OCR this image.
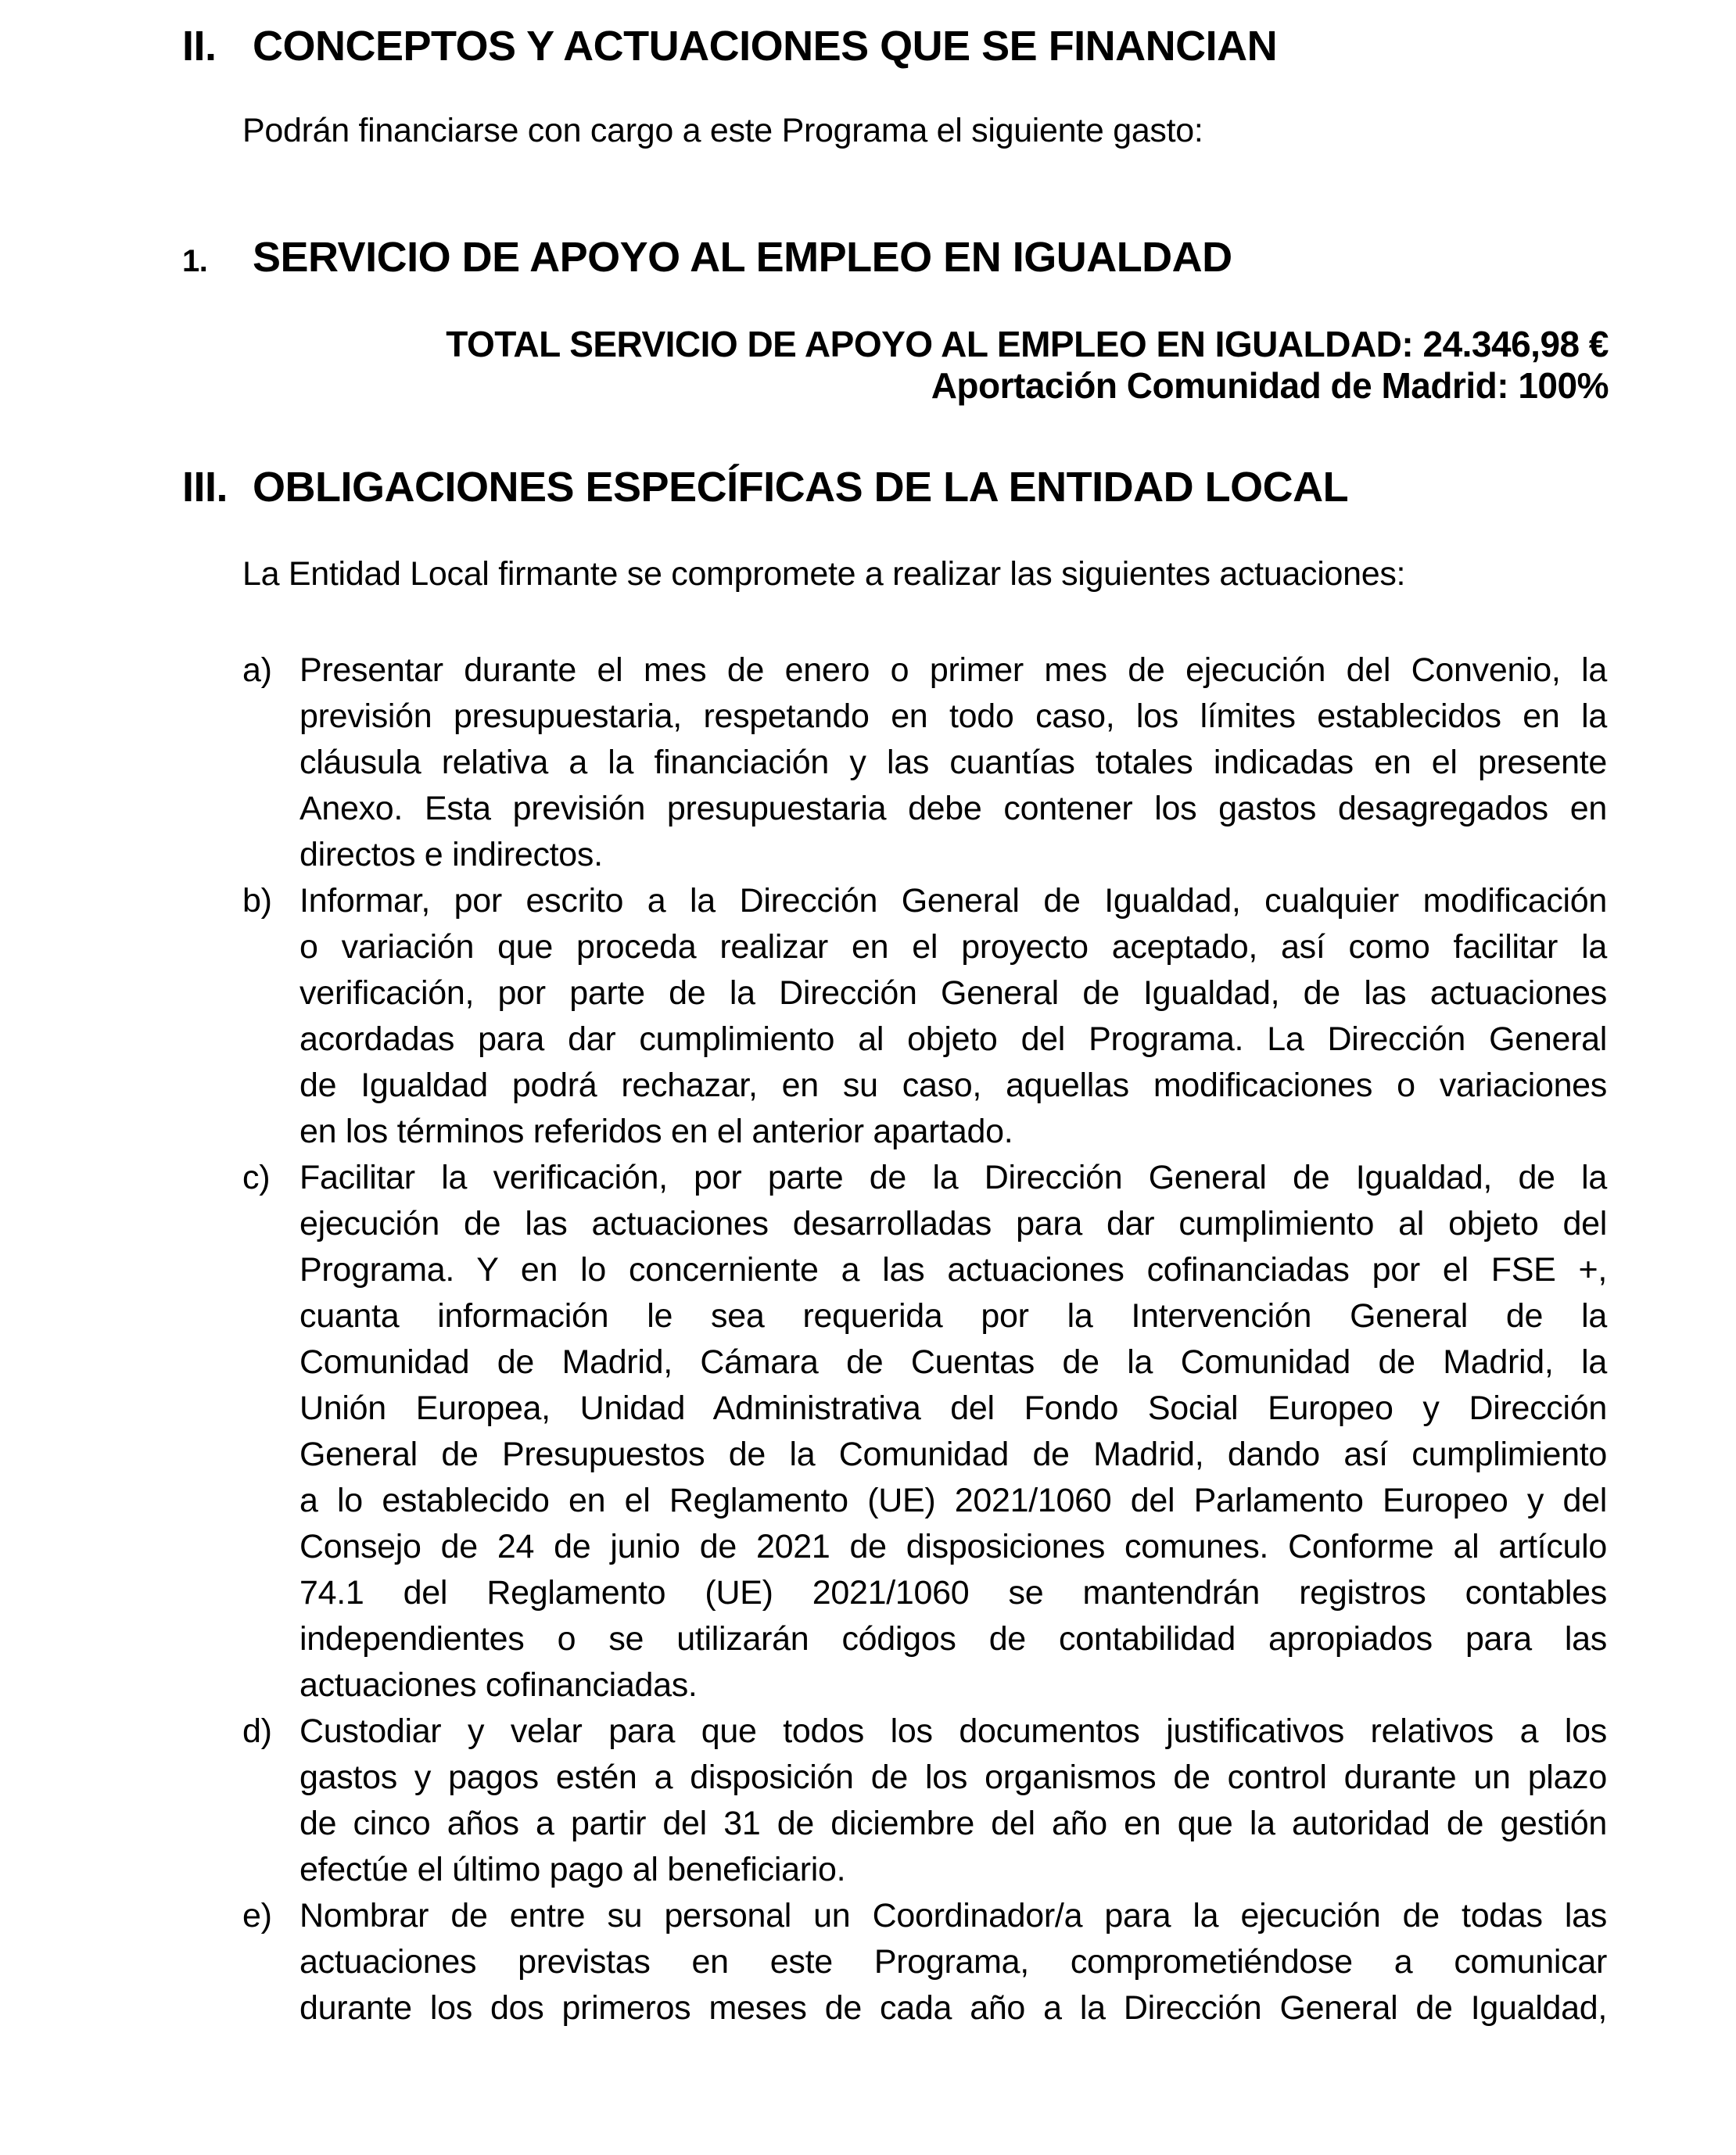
II. CONCEPTOS Y ACTUACIONES QUE SE FINANCIAN

Podrán financiarse con cargo a este Programa el siguiente gasto:

1.	SERVICIO DE APOYO AL EMPLEO EN IGUALDAD
TOTAL SERVICIO DE APOYO AL EMPLEO EN IGUALDAD: 24.346,98 €
Aportación Comunidad de Madrid: 100%
III. OBLIGACIONES ESPECÍFICAS DE LA ENTIDAD LOCAL

La Entidad Local firmante se compromete a realizar las siguientes actuaciones:

a) Presentar durante el mes de enero o primer mes de ejecución del Convenio, la
previsión presupuestaria, respetando en todo caso, los límites establecidos en la
cláusula relativa a la financiación y las cuantías totales indicadas en el presente
Anexo. Esta previsión presupuestaria debe contener los gastos desagregados en
directos e indirectos.
b) Informar, por escrito a la Dirección General de Igualdad, cualquier modificación
o variación que proceda realizar en el proyecto aceptado, así como facilitar la
verificación, por parte de la Dirección General de Igualdad, de las actuaciones
acordadas para dar cumplimiento al objeto del Programa. La Dirección General
de Igualdad podrá rechazar, en su caso, aquellas modificaciones o variaciones
en los términos referidos en el anterior apartado.
c) Facilitar la verificación, por parte de la Dirección General de Igualdad, de la
ejecución de las actuaciones desarrolladas para dar cumplimiento al objeto del
Programa. Y en lo concerniente a las actuaciones cofinanciadas por el FSE +,
cuanta información le sea requerida por la Intervención General de la
Comunidad de Madrid, Cámara de Cuentas de la Comunidad de Madrid, la
Unión Europea, Unidad Administrativa del Fondo Social Europeo y Dirección
General de Presupuestos de la Comunidad de Madrid, dando así cumplimiento
a lo establecido en el Reglamento (UE) 2021/1060 del Parlamento Europeo y del
Consejo de 24 de junio de 2021 de disposiciones comunes. Conforme al artículo
74.1 del Reglamento (UE) 2021/1060 se mantendrán registros contables
independientes o se utilizarán códigos de contabilidad apropiados para las
actuaciones cofinanciadas.
d) Custodiar y velar para que todos los documentos justificativos relativos a los
gastos y pagos estén a disposición de los organismos de control durante un plazo
de cinco años a partir del 31 de diciembre del año en que la autoridad de gestión
efectúe el último pago al beneficiario.
e) Nombrar de entre su personal un Coordinador/a para la ejecución de todas las
actuaciones previstas en este Programa, comprometiéndose a comunicar
durante los dos primeros meses de cada año a la Dirección General de Igualdad,
